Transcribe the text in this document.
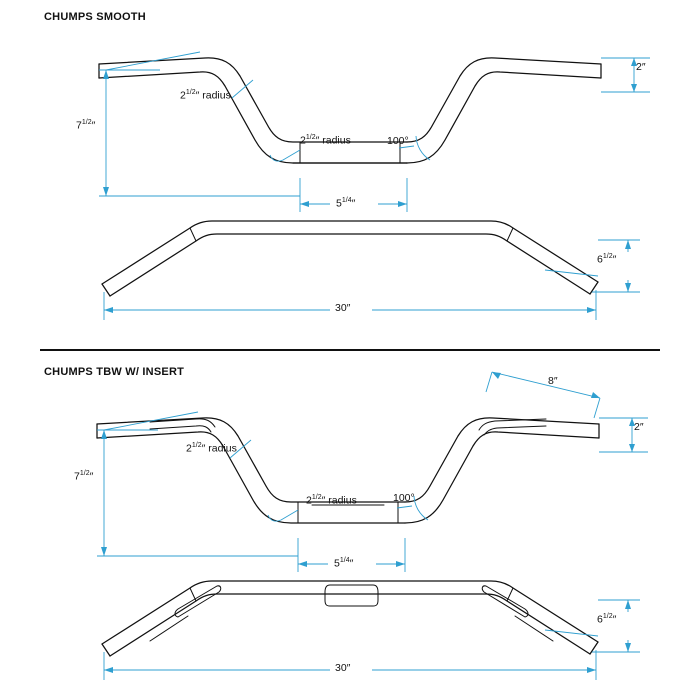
CHUMPS SMOOTH
CHUMPS TBW W/ INSERT
$2^{1/2}''$ radius
$2^{1/2}''$ radius
$7^{1/2}''$
2″
100°
$5^{1/4}''$
30″
$6^{1/2}''$
$2^{1/2}''$ radius
$2^{1/2}''$ radius
$7^{1/2}''$
8″
2″
100°
$5^{1/4}''$
30″
$6^{1/2}''$
